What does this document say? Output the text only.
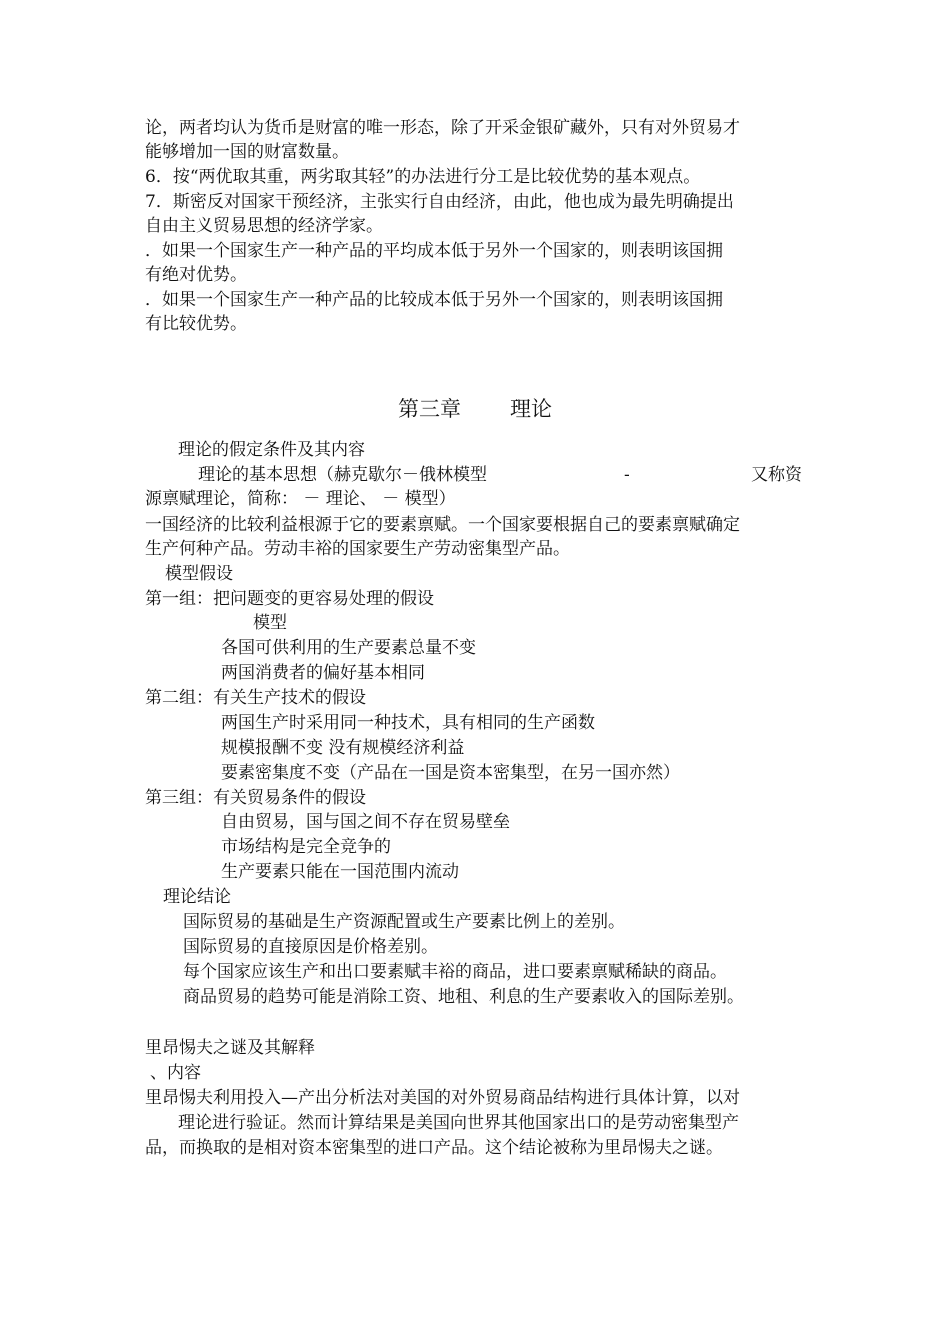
论，两者均认为货币是财富的唯一形态，除了开采金银矿藏外，只有对外贸易才
能够增加一国的财富数量。
6．按“两优取其重，两劣取其轻”的办法进行分工是比较优势的基本观点。
7．斯密反对国家干预经济，主张实行自由经济，由此，他也成为最先明确提出
自由主义贸易思想的经济学家。
．如果一个国家生产一种产品的平均成本低于另外一个国家的，则表明该国拥
有绝对优势。
．如果一个国家生产一种产品的比较成本低于另外一个国家的，则表明该国拥
有比较优势。
第三章 理论
理论的假定条件及其内容
理论的基本思想（赫克歇尔－俄林模型	-	又称资
源禀赋理论，简称： － 理论、 － 模型）
一国经济的比较利益根源于它的要素禀赋。一个国家要根据自己的要素禀赋确定
生产何种产品。劳动丰裕的国家要生产劳动密集型产品。
模型假设
第一组：把问题变的更容易处理的假设
模型
各国可供利用的生产要素总量不变
两国消费者的偏好基本相同
第二组：有关生产技术的假设
两国生产时采用同一种技术，具有相同的生产函数
规模报酬不变 没有规模经济利益
要素密集度不变（产品在一国是资本密集型，在另一国亦然）
第三组：有关贸易条件的假设
自由贸易，国与国之间不存在贸易壁垒
市场结构是完全竞争的
生产要素只能在一国范围内流动
理论结论
国际贸易的基础是生产资源配置或生产要素比例上的差别。
国际贸易的直接原因是价格差别。
每个国家应该生产和出口要素赋丰裕的商品，进口要素禀赋稀缺的商品。
商品贸易的趋势可能是消除工资、地租、利息的生产要素收入的国际差别。
里昂惕夫之谜及其解释
、内容
里昂惕夫利用投入—产出分析法对美国的对外贸易商品结构进行具体计算，以对
理论进行验证。然而计算结果是美国向世界其他国家出口的是劳动密集型产
品，而换取的是相对资本密集型的进口产品。这个结论被称为里昂惕夫之谜。
